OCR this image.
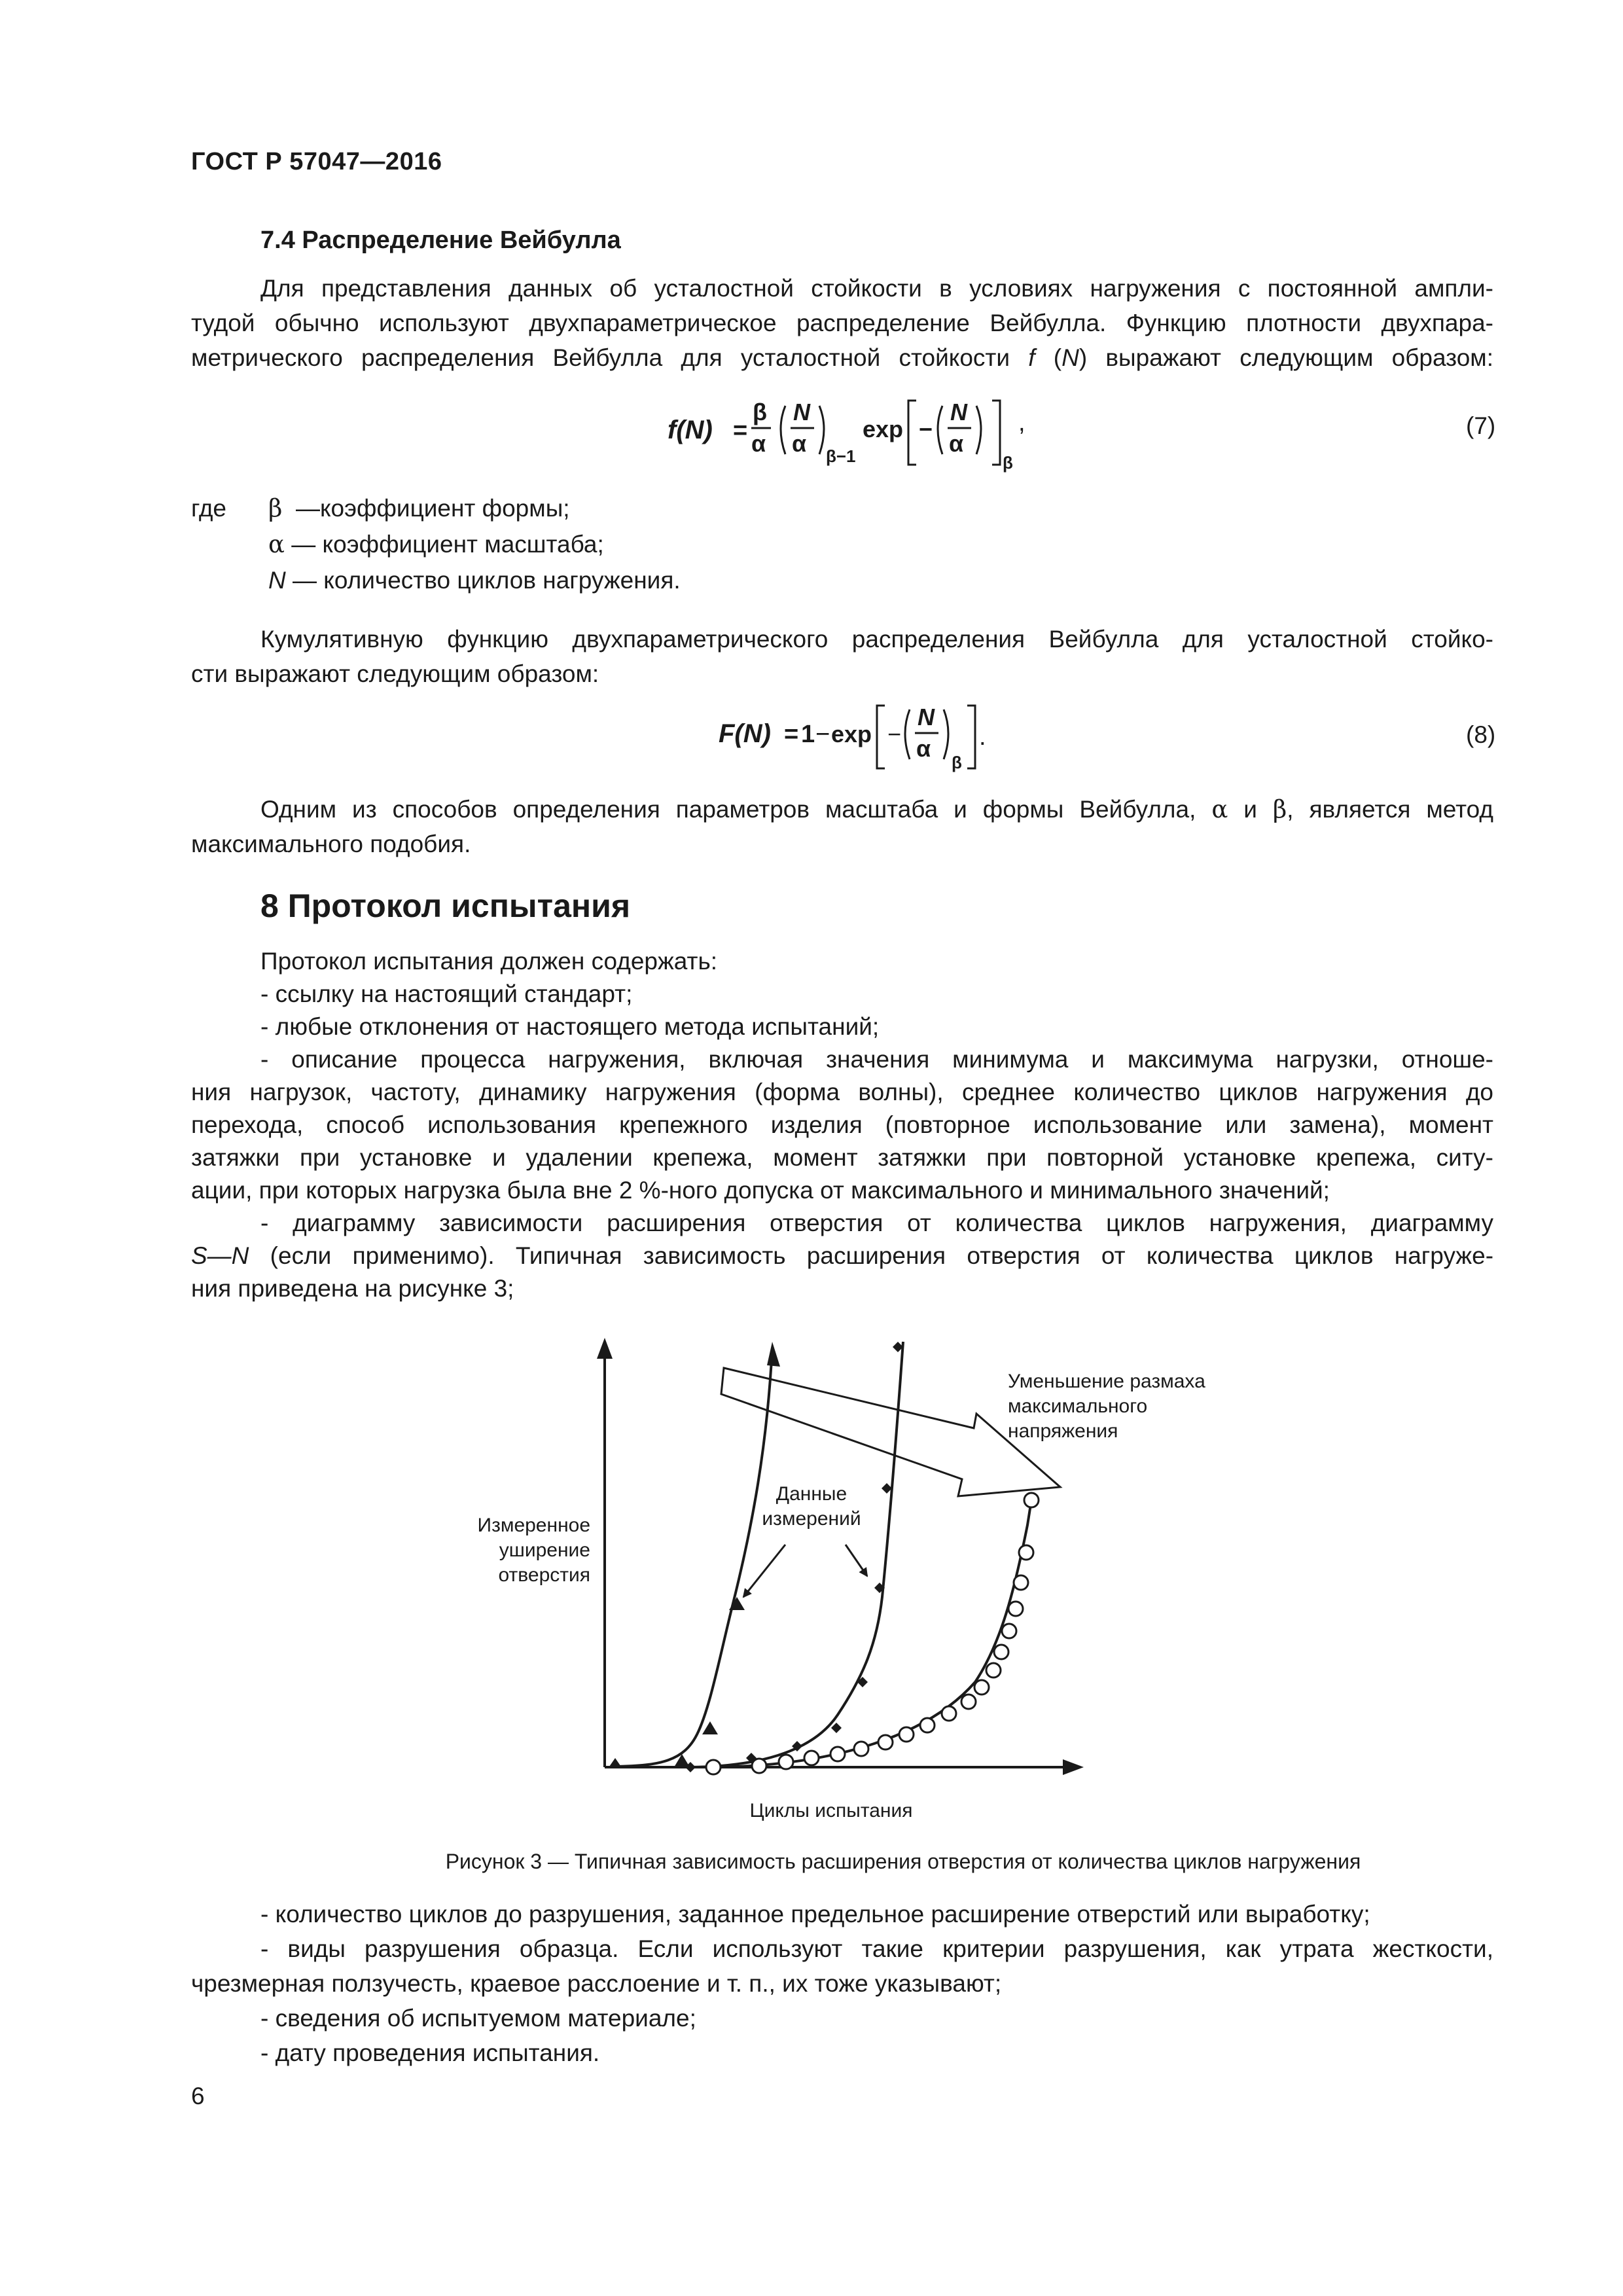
ГОСТ Р 57047—2016
7.4 Распределение Вейбулла
Для представления данных об усталостной стойкости в условиях нагружения с постоянной ампли-
тудой обычно используют двухпараметрическое распределение Вейбулла. Функцию плотности двухпара-
метрического распределения Вейбулла для усталостной стойкости f (N) выражают следующим образом:
f(N) =
β
α
N
α β−1
exp −
N
α
β
,	(7)
где β —коэффициент формы;
α — коэффициент масштаба;
N — количество циклов нагружения.
Кумулятивную функцию двухпараметрического распределения Вейбулла для усталостной стойко-
сти выражают следующим образом:
F(N) = 1 − exp −
N
α
β
.	(8)
Одним из способов определения параметров масштаба и формы Вейбулла, α и β, является метод
максимального подобия.
8 Протокол испытания
Протокол испытания должен содержать:
- ссылку на настоящий стандарт;
- любые отклонения от настоящего метода испытаний;
- описание процесса нагружения, включая значения минимума и максимума нагрузки, отноше-
ния нагрузок, частоту, динамику нагружения (форма волны), среднее количество циклов нагружения до
перехода, способ использования крепежного изделия (повторное использование или замена), момент
затяжки при установке и удалении крепежа, момент затяжки при повторной установке крепежа, ситу-
ации, при которых нагрузка была вне 2 %-ного допуска от максимального и минимального значений;
- диаграмму зависимости расширения отверстия от количества циклов нагружения, диаграмму
S—N (если применимо). Типичная зависимость расширения отверстия от количества циклов нагруже-
ния приведена на рисунке 3;
Данные
измерений
Измеренное
уширение
отверстия
Уменьшение размаха
максимального
напряжения
Циклы испытания
Рисунок 3 — Типичная зависимость расширения отверстия от количества циклов нагружения
- количество циклов до разрушения, заданное предельное расширение отверстий или выработку;
- виды разрушения образца. Если используют такие критерии разрушения, как утрата жесткости,
чрезмерная ползучесть, краевое расслоение и т. п., их тоже указывают;
- сведения об испытуемом материале;
- дату проведения испытания.
6
